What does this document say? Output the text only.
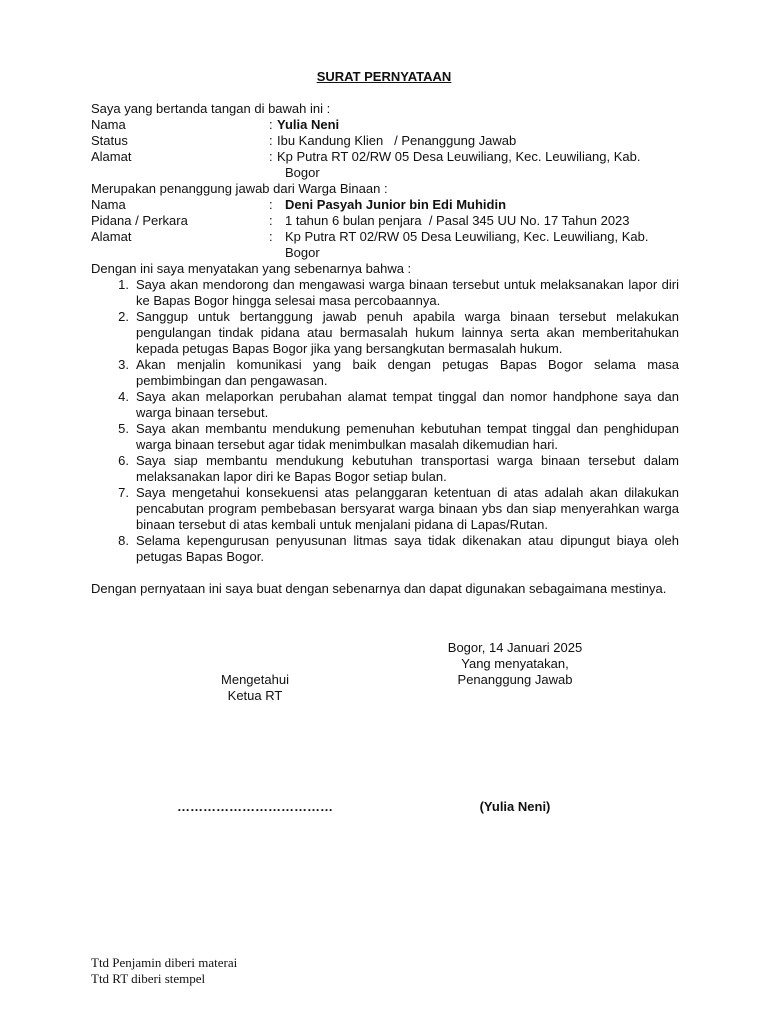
SURAT PERNYATAAN
Saya yang bertanda tangan di bawah ini :
Nama	: Yulia Neni
Status	: Ibu Kandung Klien   / Penanggung Jawab
Alamat	: Kp Putra RT 02/RW 05 Desa Leuwiliang, Kec. Leuwiliang, Kab.
Bogor
Merupakan penanggung jawab dari Warga Binaan :
Nama	: Deni Pasyah Junior bin Edi Muhidin
Pidana / Perkara	: 1 tahun 6 bulan penjara  / Pasal 345 UU No. 17 Tahun 2023
Alamat	: Kp Putra RT 02/RW 05 Desa Leuwiliang, Kec. Leuwiliang, Kab.
Bogor
Dengan ini saya menyatakan yang sebenarnya bahwa :
1. Saya akan mendorong dan mengawasi warga binaan tersebut untuk melaksanakan lapor diri ke Bapas Bogor hingga selesai masa percobaannya.
2. Sanggup untuk bertanggung jawab penuh apabila warga binaan tersebut melakukan pengulangan tindak pidana atau bermasalah hukum lainnya serta akan memberitahukan kepada petugas Bapas Bogor jika yang bersangkutan bermasalah hukum.
3. Akan menjalin komunikasi yang baik dengan petugas Bapas Bogor selama masa pembimbingan dan pengawasan.
4. Saya akan melaporkan perubahan alamat tempat tinggal dan nomor handphone saya dan warga binaan tersebut.
5. Saya akan membantu mendukung pemenuhan kebutuhan tempat tinggal dan penghidupan warga binaan tersebut agar tidak menimbulkan masalah dikemudian hari.
6. Saya siap membantu mendukung kebutuhan transportasi warga binaan tersebut dalam melaksanakan lapor diri ke Bapas Bogor setiap bulan.
7. Saya mengetahui konsekuensi atas pelanggaran ketentuan di atas adalah akan dilakukan pencabutan program pembebasan bersyarat warga binaan ybs dan siap menyerahkan warga binaan tersebut di atas kembali untuk menjalani pidana di Lapas/Rutan.
8. Selama kepengurusan penyusunan litmas saya tidak dikenakan atau dipungut biaya oleh petugas Bapas Bogor.
Dengan pernyataan ini saya buat dengan sebenarnya dan dapat digunakan sebagaimana mestinya.
Bogor, 14 Januari 2025
Yang menyatakan,
Penanggung Jawab
Mengetahui
Ketua RT
………………………………	(Yulia Neni)
Ttd Penjamin diberi materai
Ttd RT diberi stempel
